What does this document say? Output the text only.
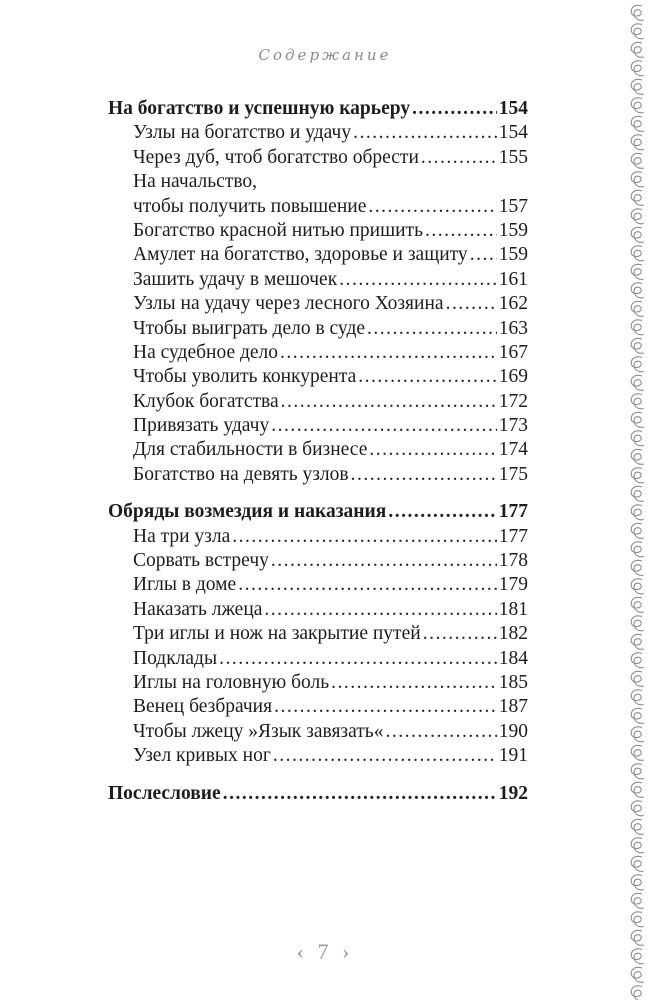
Содержание
На богатство и успешную карьеру .....	154
Узлы на богатство и удачу .....	154
Через дуб, чтоб богатство обрести .....	155
На начальство,
чтобы получить повышение .....	157
Богатство красной нитью пришить .....	159
Амулет на богатство, здоровье и защиту ..... 159
Зашить удачу в мешочек .....	161
Узлы на удачу через лесного Хозяина .....	162
Чтобы выиграть дело в суде .....	163
На судебное дело .....	167
Чтобы уволить конкурента .....	169
Клубок богатства .....	172
Привязать удачу .....	173
Для стабильности в бизнесе .....	174
Богатство на девять узлов .....	175
Обряды возмездия и наказания .....	177
На три узла .....	177
Сорвать встречу .....	178
Иглы в доме .....	179
Наказать лжеца .....	181
Три иглы и нож на закрытие путей .....	182
Подклады .....	184
Иглы на головную боль .....	185
Венец безбрачия .....	187
Чтобы лжецу »Язык завязать« .....	190
Узел кривых ног .....	191
Послесловие .....	192
‹ 7 ›
